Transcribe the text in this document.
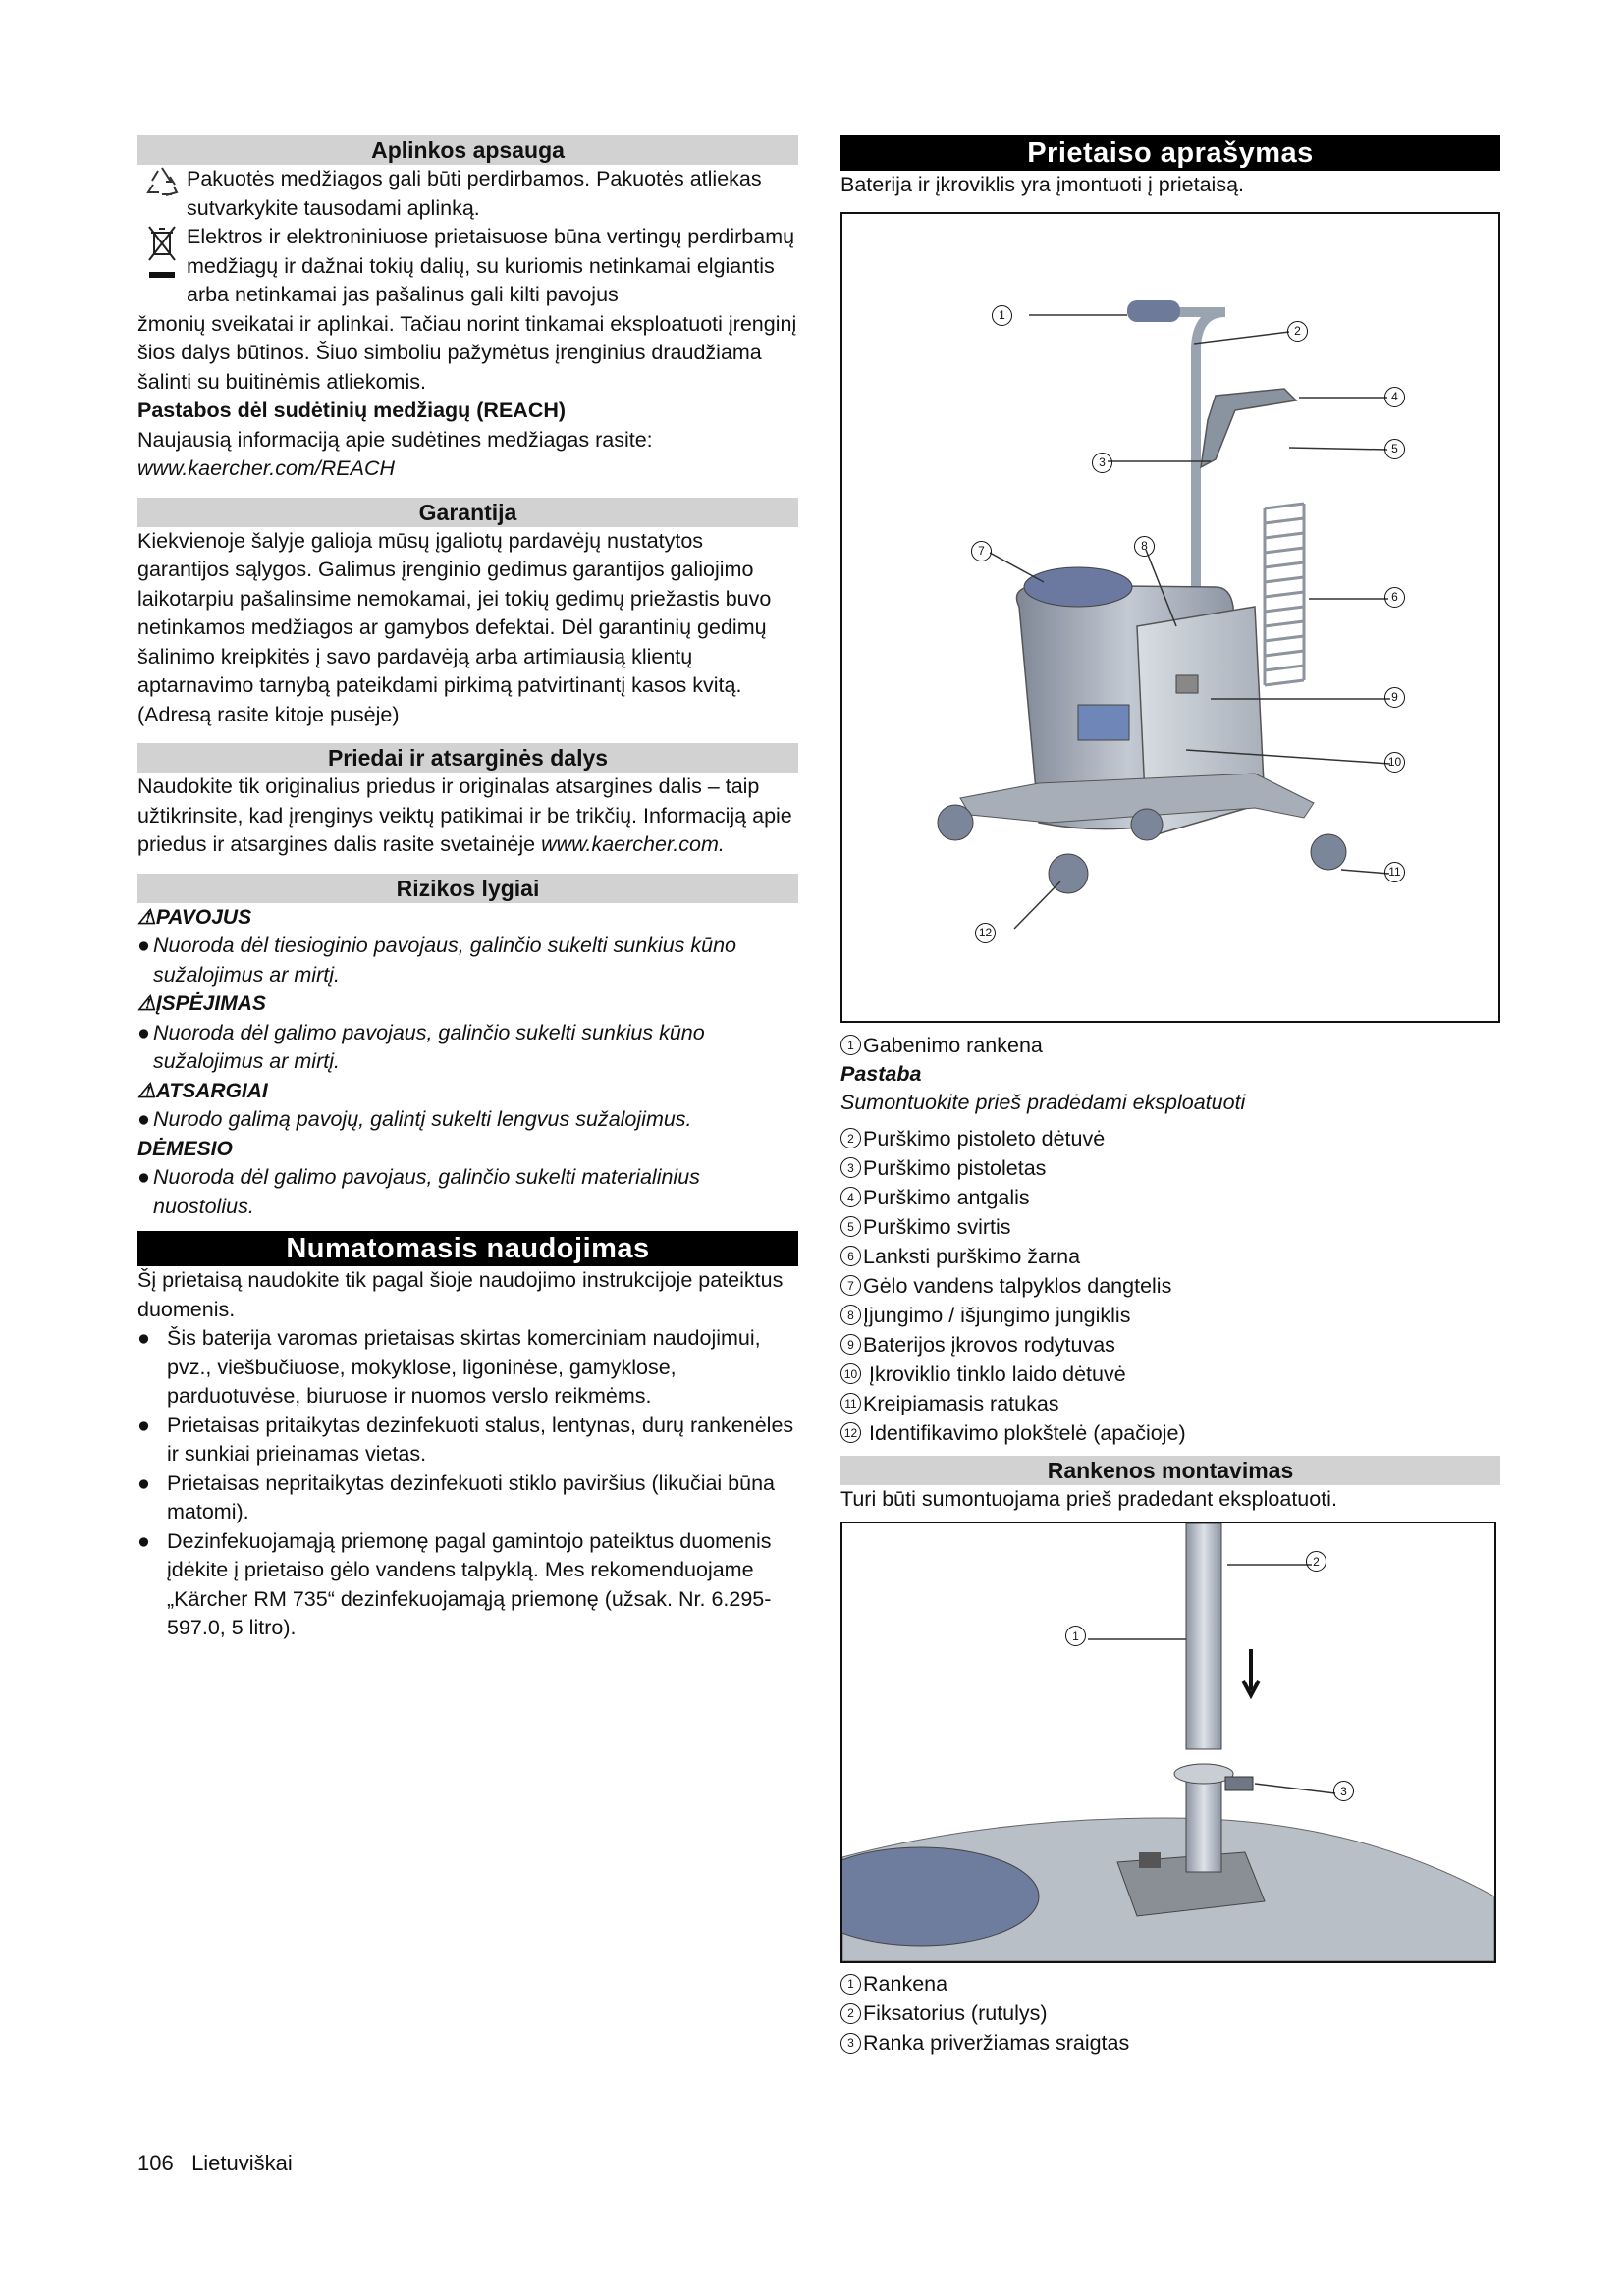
Aplinkos apsauga

Pakuotės medžiagos gali būti perdirbamos. Pakuotės atliekas sutvarkykite tausodami aplinką.

Elektros ir elektroniniuose prietaisuose būna vertingų perdirbamų medžiagų ir dažnai tokių dalių, su kuriomis netinkamai elgiantis arba netinkamai jas pašalinus gali kilti pavojus

žmonių sveikatai ir aplinkai. Tačiau norint tinkamai eksploatuoti įrenginį šios dalys būtinos. Šiuo simboliu pažymėtus įrenginius draudžiama šalinti su buitinėmis atliekomis.

Pastabos dėl sudėtinių medžiagų (REACH)

Naujausią informaciją apie sudėtines medžiagas rasite: www.kaercher.com/REACH

Garantija

Kiekvienoje šalyje galioja mūsų įgaliotų pardavėjų nustatytos garantijos sąlygos. Galimus įrenginio gedimus garantijos galiojimo laikotarpiu pašalinsime nemokamai, jei tokių gedimų priežastis buvo netinkamos medžiagos ar gamybos defektai. Dėl garantinių gedimų šalinimo kreipkitės į savo pardavėją arba artimiausią klientų aptarnavimo tarnybą pateikdami pirkimą patvirtinantį kasos kvitą.

(Adresą rasite kitoje pusėje)

Priedai ir atsarginės dalys

Naudokite tik originalius priedus ir originalas atsargines dalis – taip užtikrinsite, kad įrenginys veiktų patikimai ir be trikčių. Informaciją apie priedus ir atsargines dalis rasite svetainėje www.kaercher.com.

Rizikos lygiai

⚠PAVOJUS

● Nuoroda dėl tiesioginio pavojaus, galinčio sukelti sunkius kūno sužalojimus ar mirtį.

⚠ĮSPĖJIMAS

● Nuoroda dėl galimo pavojaus, galinčio sukelti sunkius kūno sužalojimus ar mirtį.

⚠ATSARGIAI

● Nurodo galimą pavojų, galintį sukelti lengvus sužalojimus.

DĖMESIO

● Nuoroda dėl galimo pavojaus, galinčio sukelti materialinius nuostolius.

Numatomasis naudojimas

Šį prietaisą naudokite tik pagal šioje naudojimo instrukcijoje pateiktus duomenis.

● Šis baterija varomas prietaisas skirtas komerciniam naudojimui, pvz., viešbučiuose, mokyklose, ligoninėse, gamyklose, parduotuvėse, biuruose ir nuomos verslo reikmėms.

● Prietaisas pritaikytas dezinfekuoti stalus, lentynas, durų rankenėles ir sunkiai prieinamas vietas.

● Prietaisas nepritaikytas dezinfekuoti stiklo paviršius (likučiai būna matomi).

● Dezinfekuojamąją priemonę pagal gamintojo pateiktus duomenis įdėkite į prietaiso gėlo vandens talpyklą. Mes rekomenduojame „Kärcher RM 735“ dezinfekuojamąją priemonę (užsak. Nr. 6.295-597.0, 5 litro).

Prietaiso aprašymas

Baterija ir įkroviklis yra įmontuoti į prietaisą.

1
2
3
4
5
6
7	8
9
10
11
12
1 Gabenimo rankena

Pastaba

Sumontuokite prieš pradėdami eksploatuoti

2 Purškimo pistoleto dėtuvė
3 Purškimo pistoletas
4 Purškimo antgalis
5 Purškimo svirtis
6 Lanksti purškimo žarna
7 Gėlo vandens talpyklos dangtelis
8 Įjungimo / išjungimo jungiklis
9 Baterijos įkrovos rodytuvas
10 Įkroviklio tinklo laido dėtuvė
11 Kreipiamasis ratukas
12 Identifikavimo plokštelė (apačioje)
Rankenos montavimas

Turi būti sumontuojama prieš pradedant eksploatuoti.

2
1
3
1 Rankena
2 Fiksatorius (rutulys)
3 Ranka priveržiamas sraigtas
106 Lietuviškai
